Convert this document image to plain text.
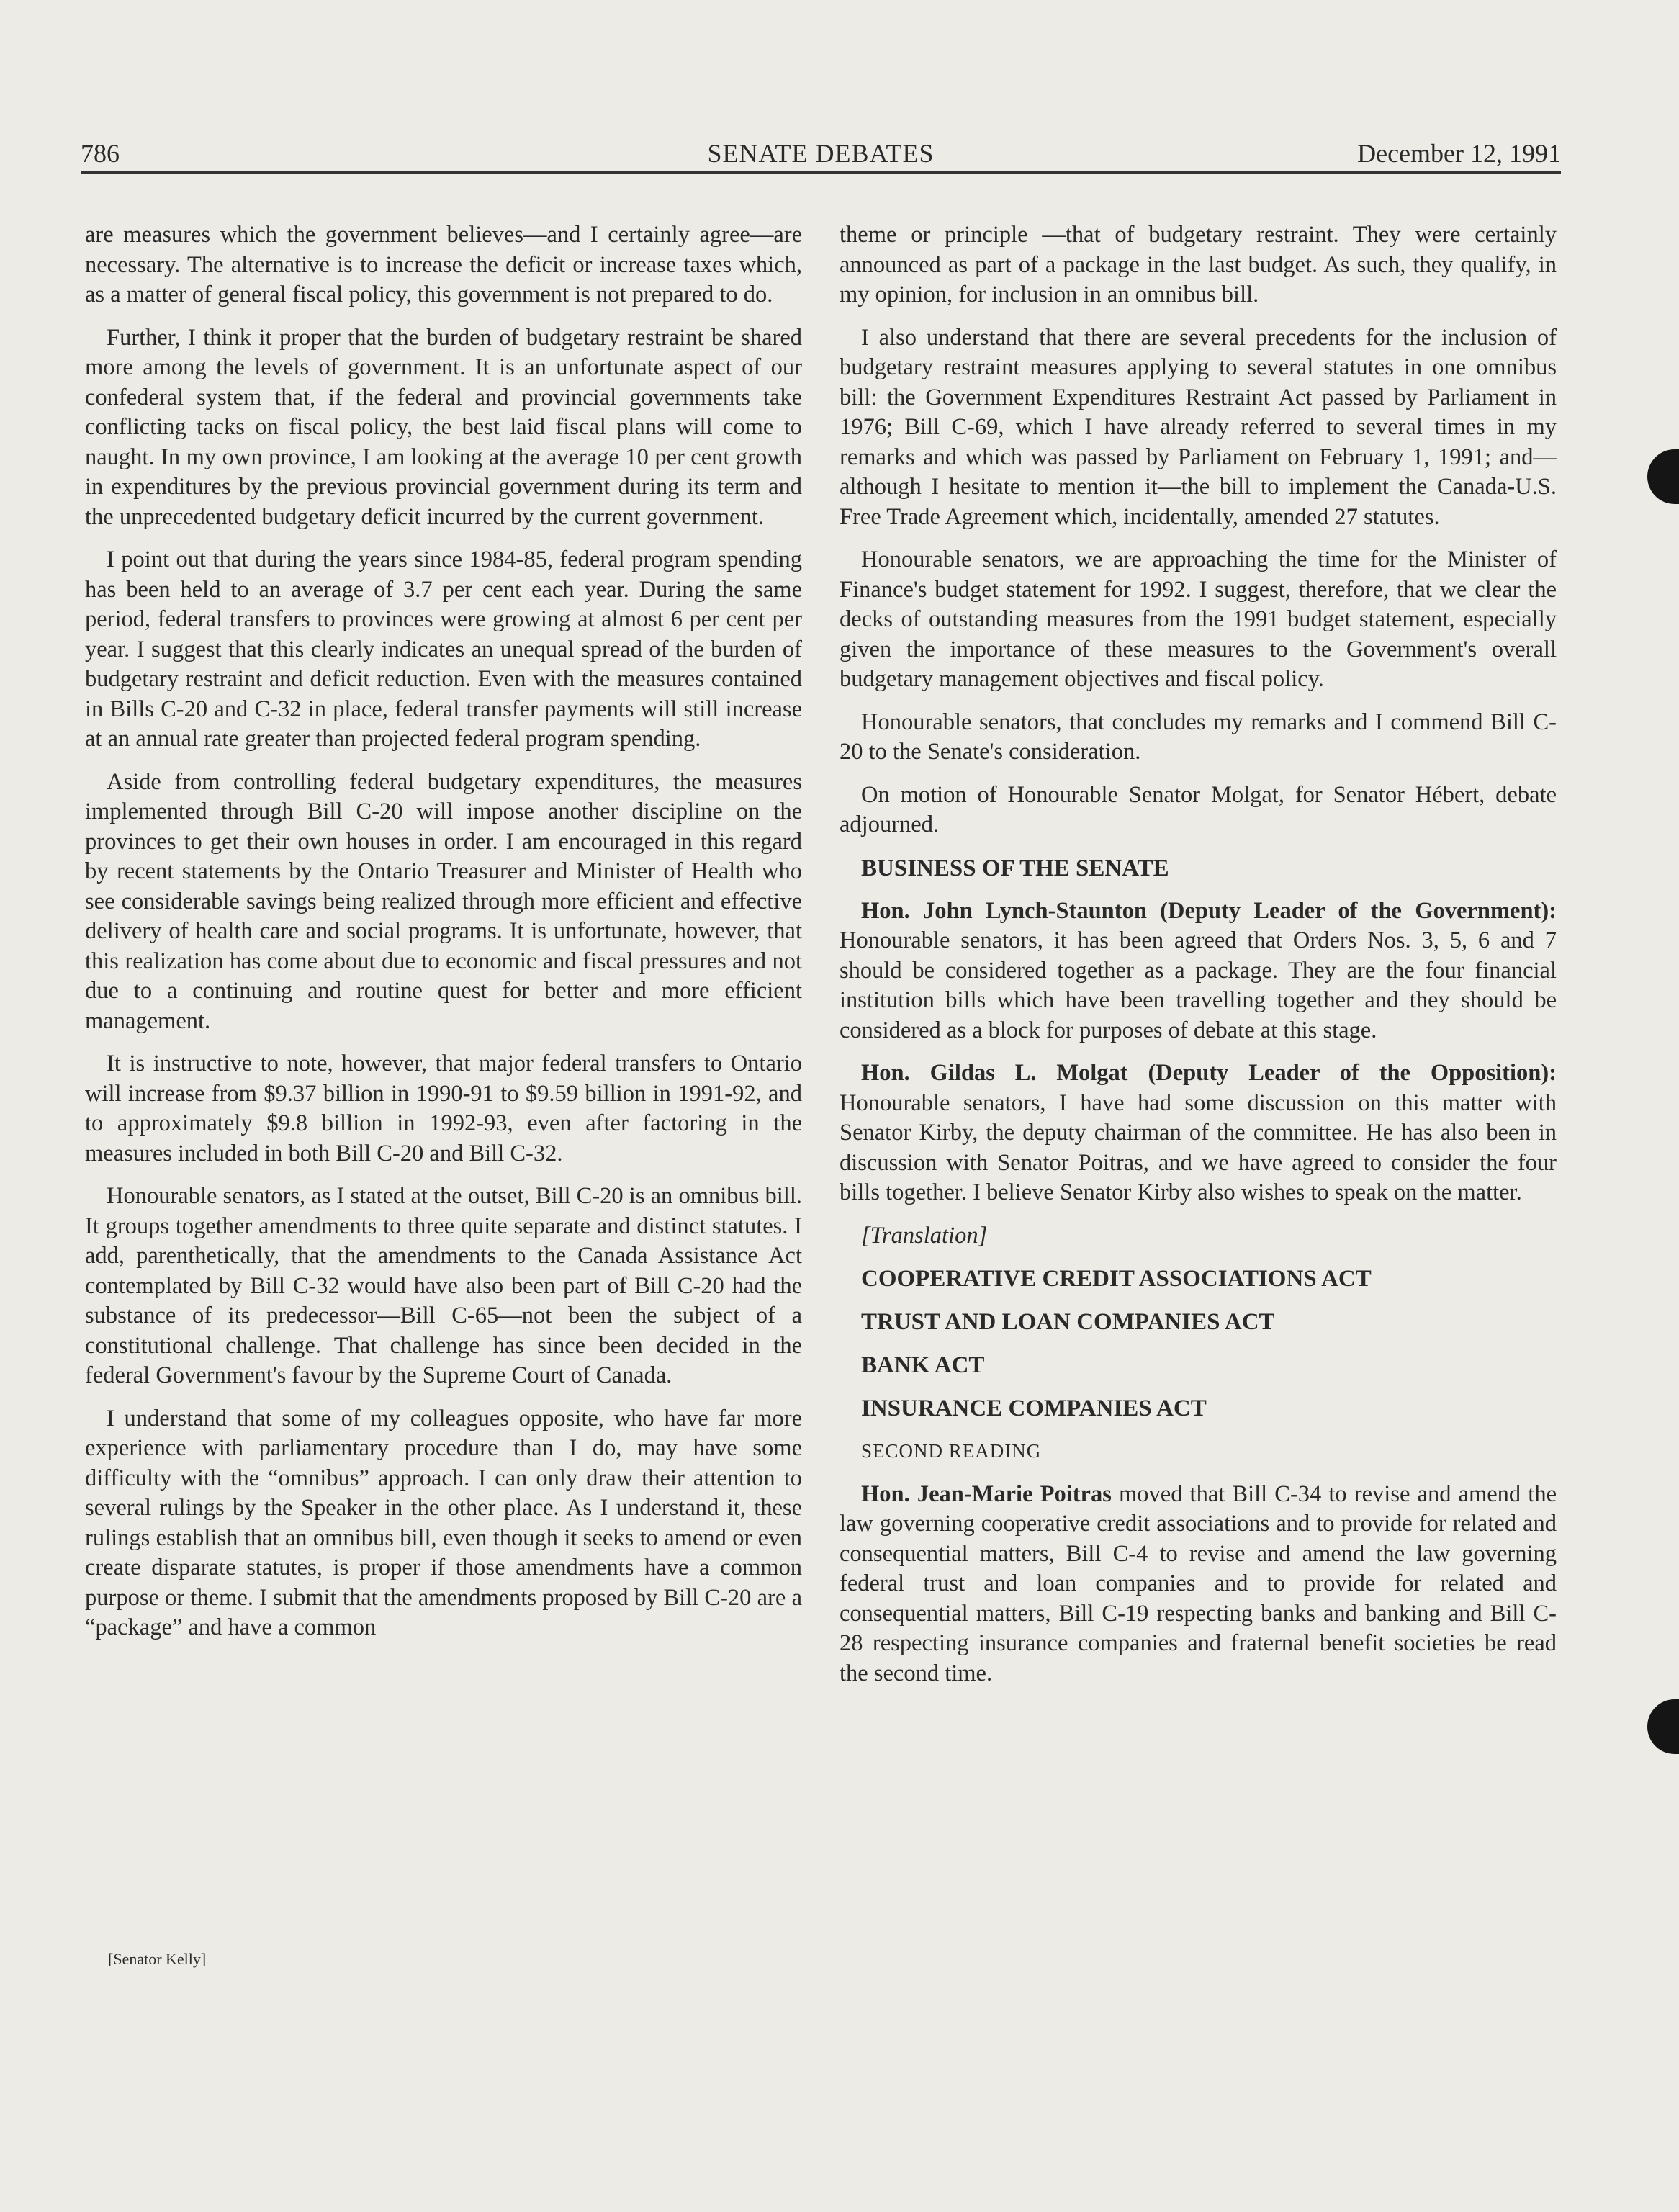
786	SENATE DEBATES	December 12, 1991

are measures which the government believes—and I certainly agree—are necessary. The alternative is to increase the deficit or increase taxes which, as a matter of general fiscal policy, this government is not prepared to do.

Further, I think it proper that the burden of budgetary restraint be shared more among the levels of government. It is an unfortunate aspect of our confederal system that, if the federal and provincial governments take conflicting tacks on fiscal policy, the best laid fiscal plans will come to naught. In my own province, I am looking at the average 10 per cent growth in expenditures by the previous provincial government during its term and the unprecedented budgetary deficit incurred by the current government.

I point out that during the years since 1984-85, federal program spending has been held to an average of 3.7 per cent each year. During the same period, federal transfers to provinces were growing at almost 6 per cent per year. I suggest that this clearly indicates an unequal spread of the burden of budgetary restraint and deficit reduction. Even with the measures contained in Bills C-20 and C-32 in place, federal transfer payments will still increase at an annual rate greater than projected federal program spending.

Aside from controlling federal budgetary expenditures, the measures implemented through Bill C-20 will impose another discipline on the provinces to get their own houses in order. I am encouraged in this regard by recent statements by the Ontario Treasurer and Minister of Health who see considerable savings being realized through more efficient and effective delivery of health care and social programs. It is unfortunate, however, that this realization has come about due to economic and fiscal pressures and not due to a continuing and routine quest for better and more efficient management.

It is instructive to note, however, that major federal transfers to Ontario will increase from $9.37 billion in 1990-91 to $9.59 billion in 1991-92, and to approximately $9.8 billion in 1992-93, even after factoring in the measures included in both Bill C-20 and Bill C-32.

Honourable senators, as I stated at the outset, Bill C-20 is an omnibus bill. It groups together amendments to three quite separate and distinct statutes. I add, parenthetically, that the amendments to the Canada Assistance Act contemplated by Bill C-32 would have also been part of Bill C-20 had the substance of its predecessor—Bill C-65—not been the subject of a constitutional challenge. That challenge has since been decided in the federal Government's favour by the Supreme Court of Canada.

I understand that some of my colleagues opposite, who have far more experience with parliamentary procedure than I do, may have some difficulty with the “omnibus” approach. I can only draw their attention to several rulings by the Speaker in the other place. As I understand it, these rulings establish that an omnibus bill, even though it seeks to amend or even create disparate statutes, is proper if those amendments have a common purpose or theme. I submit that the amendments proposed by Bill C-20 are a “package” and have a common

[Senator Kelly]

theme or principle —that of budgetary restraint. They were certainly announced as part of a package in the last budget. As such, they qualify, in my opinion, for inclusion in an omnibus bill.

I also understand that there are several precedents for the inclusion of budgetary restraint measures applying to several statutes in one omnibus bill: the Government Expenditures Restraint Act passed by Parliament in 1976; Bill C-69, which I have already referred to several times in my remarks and which was passed by Parliament on February 1, 1991; and—although I hesitate to mention it—the bill to implement the Canada-U.S. Free Trade Agreement which, incidentally, amended 27 statutes.

Honourable senators, we are approaching the time for the Minister of Finance's budget statement for 1992. I suggest, therefore, that we clear the decks of outstanding measures from the 1991 budget statement, especially given the importance of these measures to the Government's overall budgetary management objectives and fiscal policy.

Honourable senators, that concludes my remarks and I commend Bill C-20 to the Senate's consideration.

On motion of Honourable Senator Molgat, for Senator Hébert, debate adjourned.

BUSINESS OF THE SENATE

Hon. John Lynch-Staunton (Deputy Leader of the Government): Honourable senators, it has been agreed that Orders Nos. 3, 5, 6 and 7 should be considered together as a package. They are the four financial institution bills which have been travelling together and they should be considered as a block for purposes of debate at this stage.

Hon. Gildas L. Molgat (Deputy Leader of the Opposition): Honourable senators, I have had some discussion on this matter with Senator Kirby, the deputy chairman of the committee. He has also been in discussion with Senator Poitras, and we have agreed to consider the four bills together. I believe Senator Kirby also wishes to speak on the matter.

[Translation]

COOPERATIVE CREDIT ASSOCIATIONS ACT

TRUST AND LOAN COMPANIES ACT

BANK ACT

INSURANCE COMPANIES ACT

SECOND READING

Hon. Jean-Marie Poitras moved that Bill C-34 to revise and amend the law governing cooperative credit associations and to provide for related and consequential matters, Bill C-4 to revise and amend the law governing federal trust and loan companies and to provide for related and consequential matters, Bill C-19 respecting banks and banking and Bill C-28 respecting insurance companies and fraternal benefit societies be read the second time.
